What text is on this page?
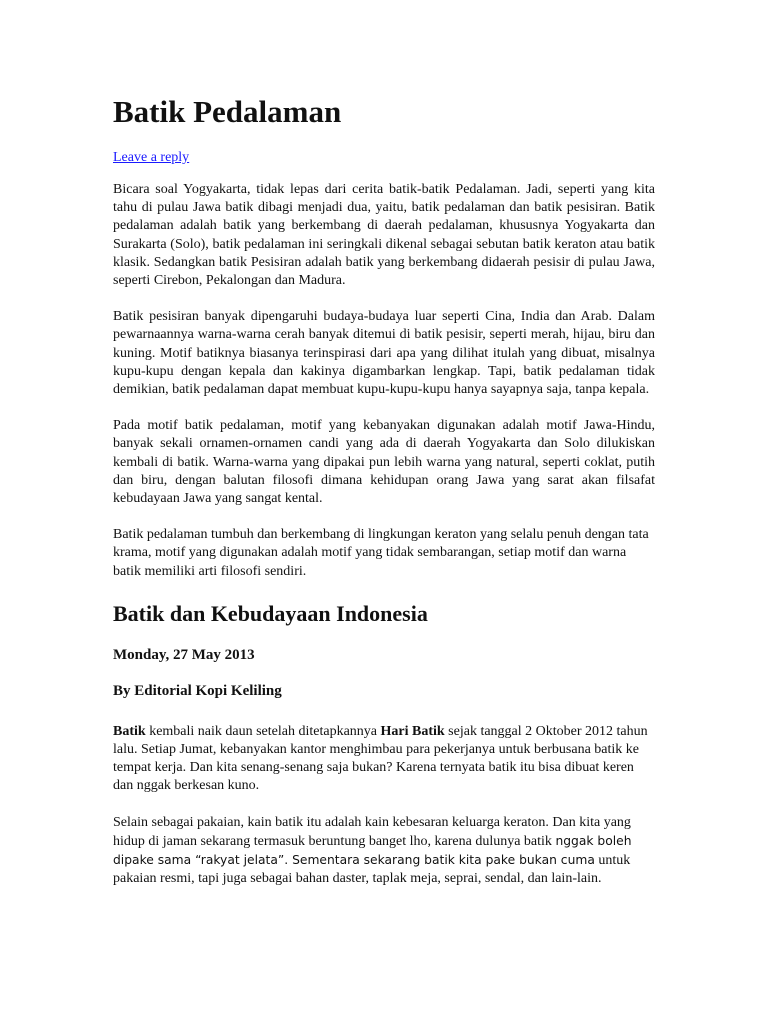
Batik Pedalaman
Leave a reply

Bicara soal Yogyakarta, tidak lepas dari cerita batik-batik Pedalaman. Jadi, seperti yang kita tahu di pulau Jawa batik dibagi menjadi dua, yaitu, batik pedalaman dan batik pesisiran. Batik pedalaman adalah batik yang berkembang di daerah pedalaman, khususnya Yogyakarta dan Surakarta (Solo), batik pedalaman ini seringkali dikenal sebagai sebutan batik keraton atau batik klasik. Sedangkan batik Pesisiran adalah batik yang berkembang didaerah pesisir di pulau Jawa, seperti Cirebon, Pekalongan dan Madura.

Batik pesisiran banyak dipengaruhi budaya-budaya luar seperti Cina, India dan Arab. Dalam pewarnaannya warna-warna cerah banyak ditemui di batik pesisir, seperti merah, hijau, biru dan kuning. Motif batiknya biasanya terinspirasi dari apa yang dilihat itulah yang dibuat, misalnya kupu-kupu dengan kepala dan kakinya digambarkan lengkap. Tapi, batik pedalaman tidak demikian, batik pedalaman dapat membuat kupu-kupu-kupu hanya sayapnya saja, tanpa kepala.

Pada motif batik pedalaman, motif yang kebanyakan digunakan adalah motif Jawa-Hindu, banyak sekali ornamen-ornamen candi yang ada di daerah Yogyakarta dan Solo dilukiskan kembali di batik. Warna-warna yang dipakai pun lebih warna yang natural, seperti coklat, putih dan biru, dengan balutan filosofi dimana kehidupan orang Jawa yang sarat akan filsafat kebudayaan Jawa yang sangat kental.

Batik pedalaman tumbuh dan berkembang di lingkungan keraton yang selalu penuh dengan tata krama, motif yang digunakan adalah motif yang tidak sembarangan, setiap motif dan warna batik memiliki arti filosofi sendiri.

Batik dan Kebudayaan Indonesia
Monday, 27 May 2013
By Editorial Kopi Keliling

Batik kembali naik daun setelah ditetapkannya Hari Batik sejak tanggal 2 Oktober 2012 tahun lalu. Setiap Jumat, kebanyakan kantor menghimbau para pekerjanya untuk berbusana batik ke tempat kerja. Dan kita senang-senang saja bukan? Karena ternyata batik itu bisa dibuat keren dan nggak berkesan kuno.

Selain sebagai pakaian, kain batik itu adalah kain kebesaran keluarga keraton. Dan kita yang hidup di jaman sekarang termasuk beruntung banget lho, karena dulunya batik nggak boleh dipake sama “rakyat jelata”. Sementara sekarang batik kita pake bukan cuma untuk pakaian resmi, tapi juga sebagai bahan daster, taplak meja, seprai, sendal, dan lain-lain.
